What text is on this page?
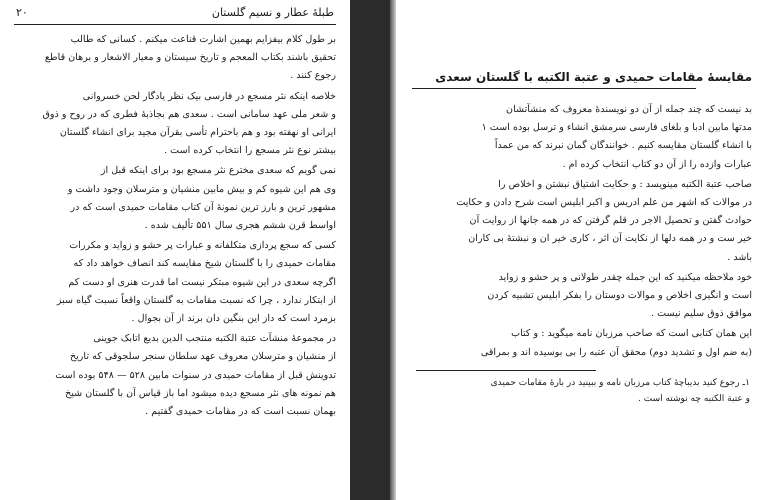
طبلۀ عطار و نسیم گلستان
۲۰
بر طول کلام بیفزایم بهمین اشارت قناعت میکنم . کسانی که طالب
تحقیق باشند بکتاب المعجم و تاریخ سیستان و معیار الاشعار و برهان قاطع
رجوع کنند .
خلاصه اینکه نثر مسجع در فارسی بیک نظر یادگار لحن خسروانی
و شعر ملی عهد سامانی است . سعدی هم بجاذبۀ فطری که در روح و ذوق
ایرانی او نهفته بود و هم باحترام تأسی بقرآن مجید برای انشاء گلستان
بیشتر نوع نثر مسجع را انتخاب کرده است .
نمی گویم که سعدی مخترع نثر مسجع بود برای اینکه قبل از
وی هم این شیوه کم و بیش مابین منشیان و مترسلان وجود داشت و
مشهور ترین و بارز ترین نمونۀ آن کتاب مقامات حمیدی است که در
اواسط قرن ششم هجری سال ۵۵۱ تألیف شده .
کسی که سجع پردازی متکلفانه و عبارات پر حشو و زواید و مکررات
مقامات حمیدی را با گلستان شیخ مقایسه کند انصاف خواهد داد که
اگرچه سعدی در این شیوه مبتکر نیست اما قدرت هنری او دست کم
از ابتکار ندارد ، چرا که نسبت مقامات به گلستان واقعاً نسبت گیاه سبز
بزمرد است که داز این بنگین دان برند از آن بجوال .
در مجموعۀ منشآت عتبة الکتبه منتجب الدین بدیع اتابک جوینی
از منشیان و مترسلان معروف عهد سلطان سنجر سلجوقی که تاریخ
تدوینش قبل از مقامات حمیدی در سنوات مابین ۵۲۸ — ۵۴۸ بوده است
هم نمونه های نثر مسجع دیده میشود اما باز قیاس آن با گلستان شیخ
بهمان نسبت است که در مقامات حمیدی گفتیم .
مقایسۀ مقامات حمیدی و عتبة الکتبه با گلستان سعدی
بد نیست که چند جمله از آن دو نویسندۀ معروف که منشآتشان
مدتها مابین ادبا و بلغای فارسی سرمشق انشاء و ترسل بوده است ۱
با انشاء گلستان مقایسه کنیم . خوانندگان گمان نبرند که من عمداً
عبارات وازده را از آن دو کتاب انتخاب کرده ام .
صاحب عتبة الکتبه مینویسد : و حکایت اشتیاق نبشتن و اخلاص را
در موالات که اشهر من علم ادریس و اکبر ابلیس است شرح دادن و حکایت
حوادث گفتن و تحصیل الاجر در قلم گرفتن که در همه جانها از روایت آن
خیر ست و در همه دلها از نکایت آن اثر ، کاری خیر ان و نبشتۀ بی کاران
باشد .
خود ملاحظه میکنید که این جمله چقدر طولانی و پر حشو و زواید
است و انگیزی اخلاص و موالات دوستان را بفکر ابلیس تشبیه کردن
موافق ذوق سلیم نیست .
این همان کتابی است که صاحب مرزبان نامه میگوید : و کتاب
(به ضم اول و تشدید دوم) محقق آن عتبه را بی بوسیده اند و بمراقی
۱ـ رجوع کنید بدیباچۀ کتاب مرزبان نامه و ببینید در بارۀ مقامات حمیدی
و عتبة الکتبه چه نوشته است .
